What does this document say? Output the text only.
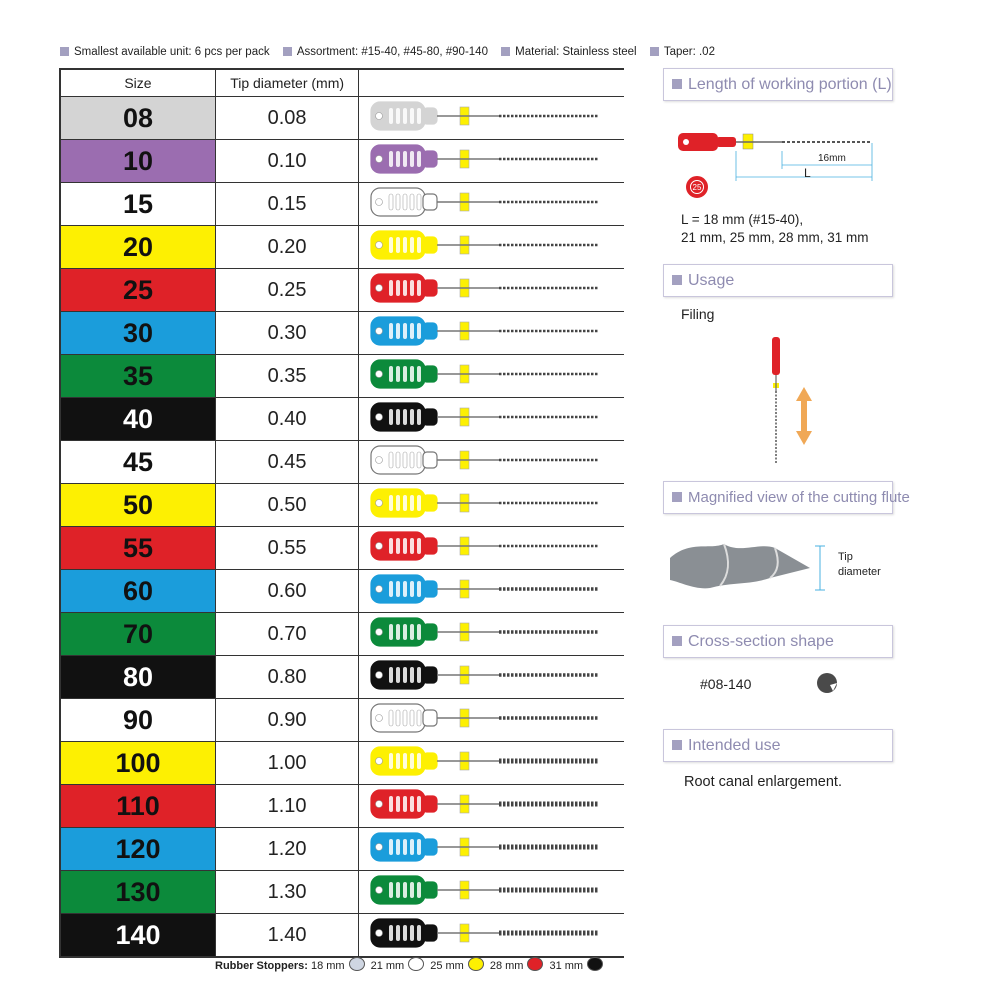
Smallest available unit: 6 pcs per pack Assortment: #15-40, #45-80, #90-140 Material: Stainless steel Taper: .02
Size	Tip diameter (mm)	
08	0.08	
10	0.10	
15	0.15	
20	0.20	
25	0.25	
30	0.30	
35	0.35	
40	0.40	
45	0.45	
50	0.50	
55	0.55	
60	0.60	
70	0.70	
80	0.80	
90	0.90	
100	1.00	
110	1.10	
120	1.20	
130	1.30	
140	1.40	
Rubber Stoppers: 18 mm 21 mm 25 mm 28 mm 31 mm
Length of working portion (L)
16mm
L
25
L = 18 mm (#15-40),
21 mm, 25 mm, 28 mm, 31 mm
Usage
Filing
Magnified view of the cutting flute
Tip
diameter
Cross-section shape
#08-140
Intended use
Root canal enlargement.
